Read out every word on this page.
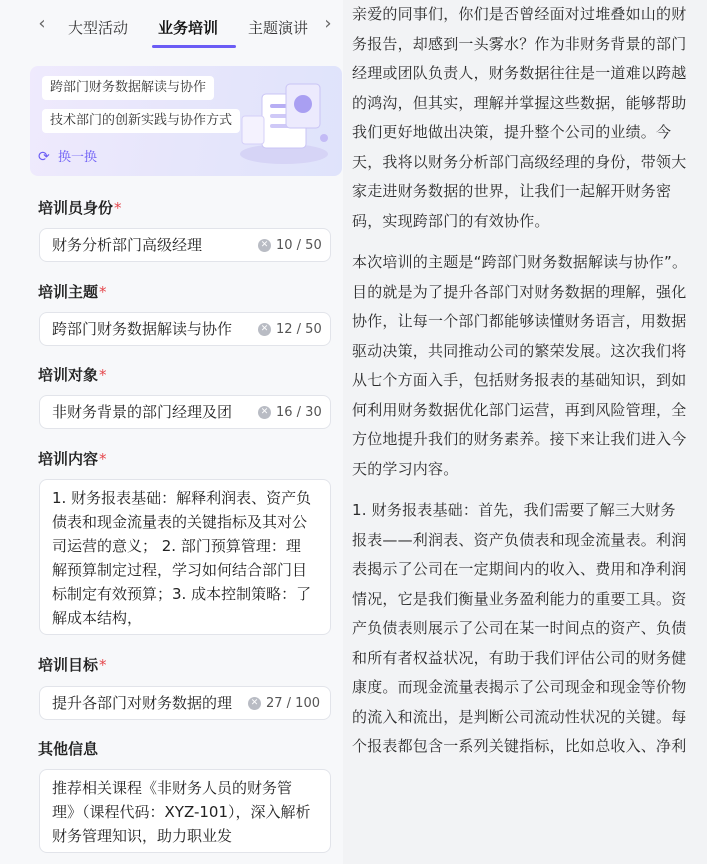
‹	大型活动 业务培训 主题演讲 ›
跨部门财务数据解读与协作
技术部门的创新实践与协作方式
⟳ 换一换
培训员身份*
财务分析部门高级经理	✕ 10 / 50
培训主题*
跨部门财务数据解读与协作	✕ 12 / 50
培训对象*
非财务背景的部门经理及团	✕ 16 / 30
培训内容*
1. 财务报表基础：解释利润表、资产负债表和现金流量表的关键指标及其对公司运营的意义； 2. 部门预算管理：理解预算制定过程，学习如何结合部门目标制定有效预算；3. 成本控制策略：了解成本结构，
培训目标*
提升各部门对财务数据的理	✕ 27 / 100
其他信息
推荐相关课程《非财务人员的财务管理》（课程代码：XYZ-101），深入解析财务管理知识，助力职业发

亲爱的同事们，你们是否曾经面对过堆叠如山的财务报告，却感到一头雾水？作为非财务背景的部门经理或团队负责人，财务数据往往是一道难以跨越的鸿沟，但其实，理解并掌握这些数据，能够帮助我们更好地做出决策，提升整个公司的业绩。今天，我将以财务分析部门高级经理的身份，带领大家走进财务数据的世界，让我们一起解开财务密码，实现跨部门的有效协作。

本次培训的主题是“跨部门财务数据解读与协作”。目的就是为了提升各部门对财务数据的理解，强化协作，让每一个部门都能够读懂财务语言，用数据驱动决策，共同推动公司的繁荣发展。这次我们将从七个方面入手，包括财务报表的基础知识，到如何利用财务数据优化部门运营，再到风险管理，全方位地提升我们的财务素养。接下来让我们进入今天的学习内容。

1. 财务报表基础：首先，我们需要了解三大财务报表——利润表、资产负债表和现金流量表。利润表揭示了公司在一定期间内的收入、费用和净利润情况，它是我们衡量业务盈利能力的重要工具。资产负债表则展示了公司在某一时间点的资产、负债和所有者权益状况，有助于我们评估公司的财务健康度。而现金流量表揭示了公司现金和现金等价物的流入和流出，是判断公司流动性状况的关键。每个报表都包含一系列关键指标，比如总收入、净利
